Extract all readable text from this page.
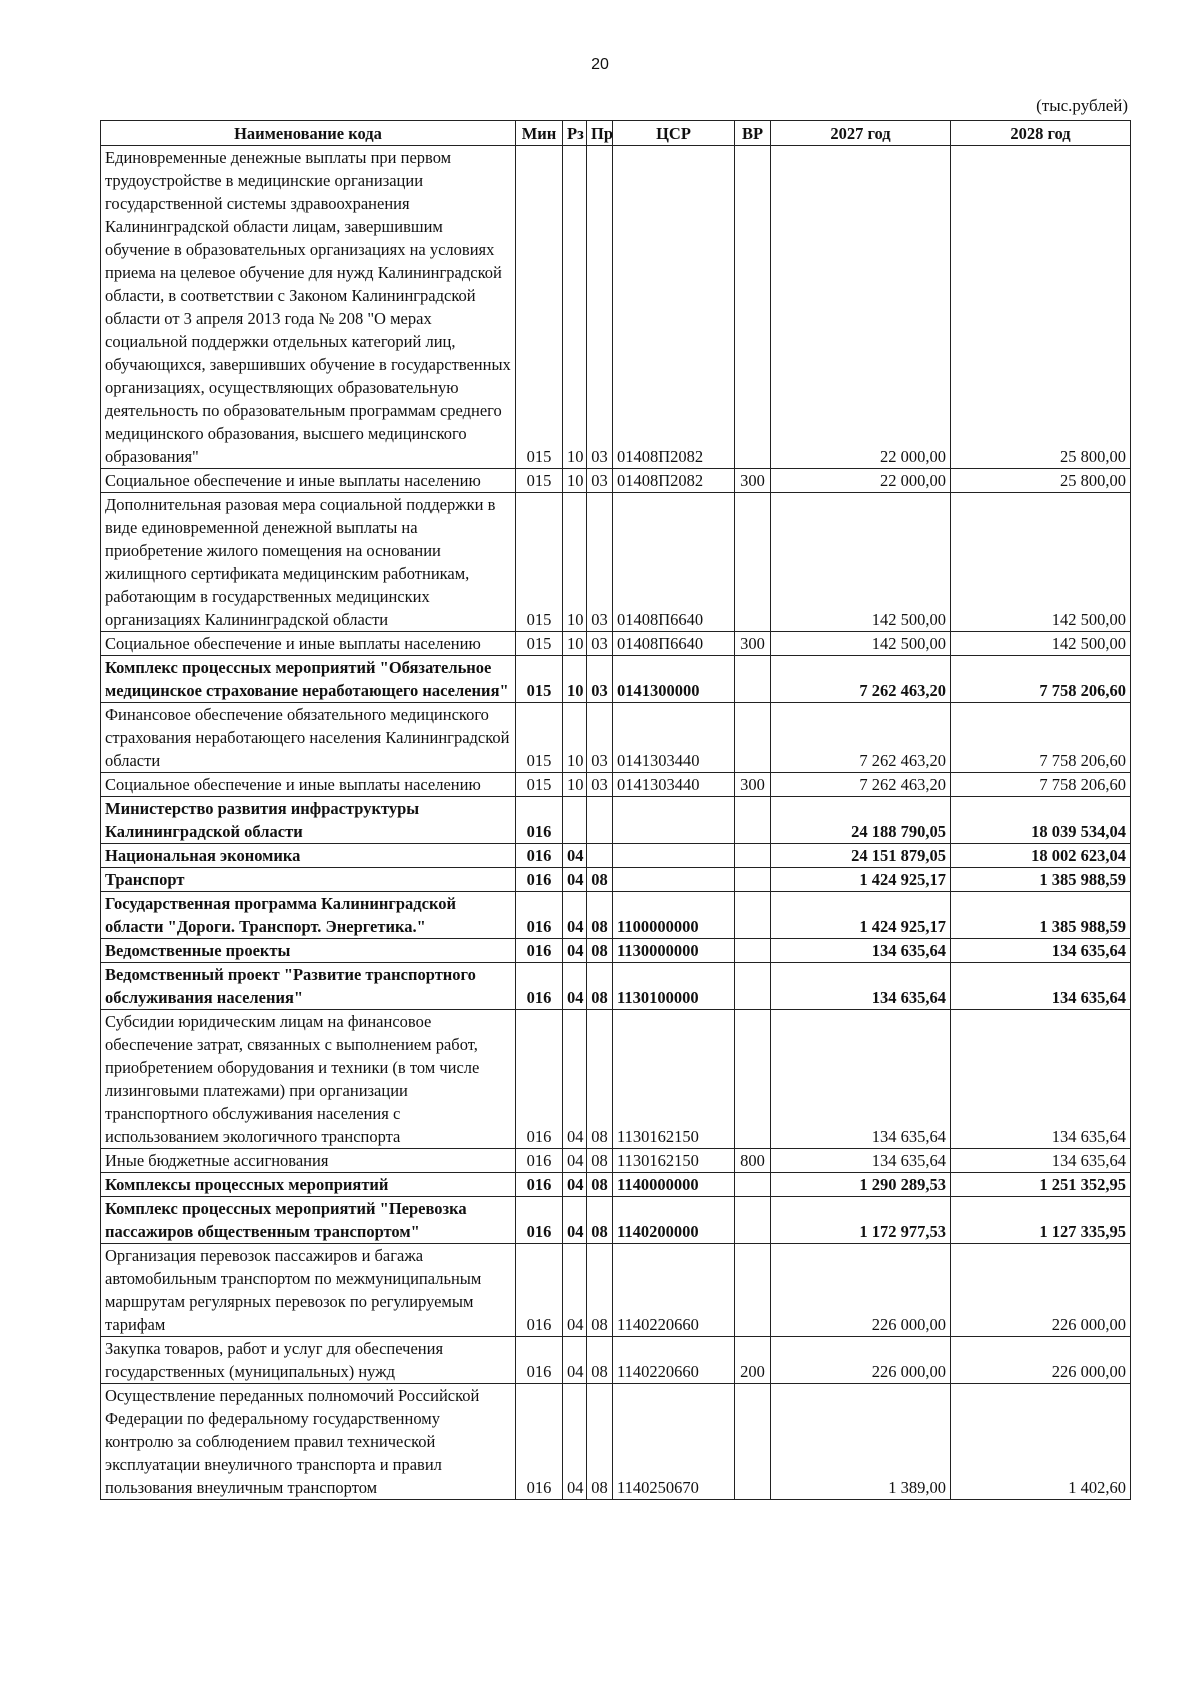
20
(тыс.рублей)
Наименование кода	Мин	Рз	Пр	ЦСР	ВР	2027 год	2028 год
Единовременные денежные выплаты при первом трудоустройстве в медицинские организации государственной системы здравоохранения Калининградской области лицам, завершившим обучение в образовательных организациях на условиях приема на целевое обучение для нужд Калининградской области, в соответствии с Законом Калининградской области от 3 апреля 2013 года № 208 "О мерах социальной поддержки отдельных категорий лиц, обучающихся, завершивших обучение в государственных организациях, осуществляющих образовательную деятельность по образовательным программам среднего медицинского образования, высшего медицинского образования"	015	10	03	01408П2082		22 000,00	25 800,00
Социальное обеспечение и иные выплаты населению	015	10	03	01408П2082	300	22 000,00	25 800,00
Дополнительная разовая мера социальной поддержки в виде единовременной денежной выплаты на приобретение жилого помещения на основании жилищного сертификата медицинским работникам, работающим в государственных медицинских организациях Калининградской области	015	10	03	01408П6640		142 500,00	142 500,00
Социальное обеспечение и иные выплаты населению	015	10	03	01408П6640	300	142 500,00	142 500,00
Комплекс процессных мероприятий "Обязательное медицинское страхование неработающего населения"	015	10	03	0141300000		7 262 463,20	7 758 206,60
Финансовое обеспечение обязательного медицинского страхования неработающего населения Калининградской области	015	10	03	0141303440		7 262 463,20	7 758 206,60
Социальное обеспечение и иные выплаты населению	015	10	03	0141303440	300	7 262 463,20	7 758 206,60
Министерство развития инфраструктуры Калининградской области	016					24 188 790,05	18 039 534,04
Национальная экономика	016	04				24 151 879,05	18 002 623,04
Транспорт	016	04	08			1 424 925,17	1 385 988,59
Государственная программа Калининградской области "Дороги. Транспорт. Энергетика."	016	04	08	1100000000		1 424 925,17	1 385 988,59
Ведомственные проекты	016	04	08	1130000000		134 635,64	134 635,64
Ведомственный проект "Развитие транспортного обслуживания населения"	016	04	08	1130100000		134 635,64	134 635,64
Субсидии юридическим лицам на финансовое обеспечение затрат, связанных с выполнением работ, приобретением оборудования и техники (в том числе лизинговыми платежами) при организации транспортного обслуживания населения с использованием экологичного транспорта	016	04	08	1130162150		134 635,64	134 635,64
Иные бюджетные ассигнования	016	04	08	1130162150	800	134 635,64	134 635,64
Комплексы процессных мероприятий	016	04	08	1140000000		1 290 289,53	1 251 352,95
Комплекс процессных мероприятий "Перевозка пассажиров общественным транспортом"	016	04	08	1140200000		1 172 977,53	1 127 335,95
Организация перевозок пассажиров и багажа автомобильным транспортом по межмуниципальным маршрутам регулярных перевозок по регулируемым тарифам	016	04	08	1140220660		226 000,00	226 000,00
Закупка товаров, работ и услуг для обеспечения государственных (муниципальных) нужд	016	04	08	1140220660	200	226 000,00	226 000,00
Осуществление переданных полномочий Российской Федерации по федеральному государственному контролю за соблюдением правил технической эксплуатации внеуличного транспорта и правил пользования внеуличным транспортом	016	04	08	1140250670		1 389,00	1 402,60
